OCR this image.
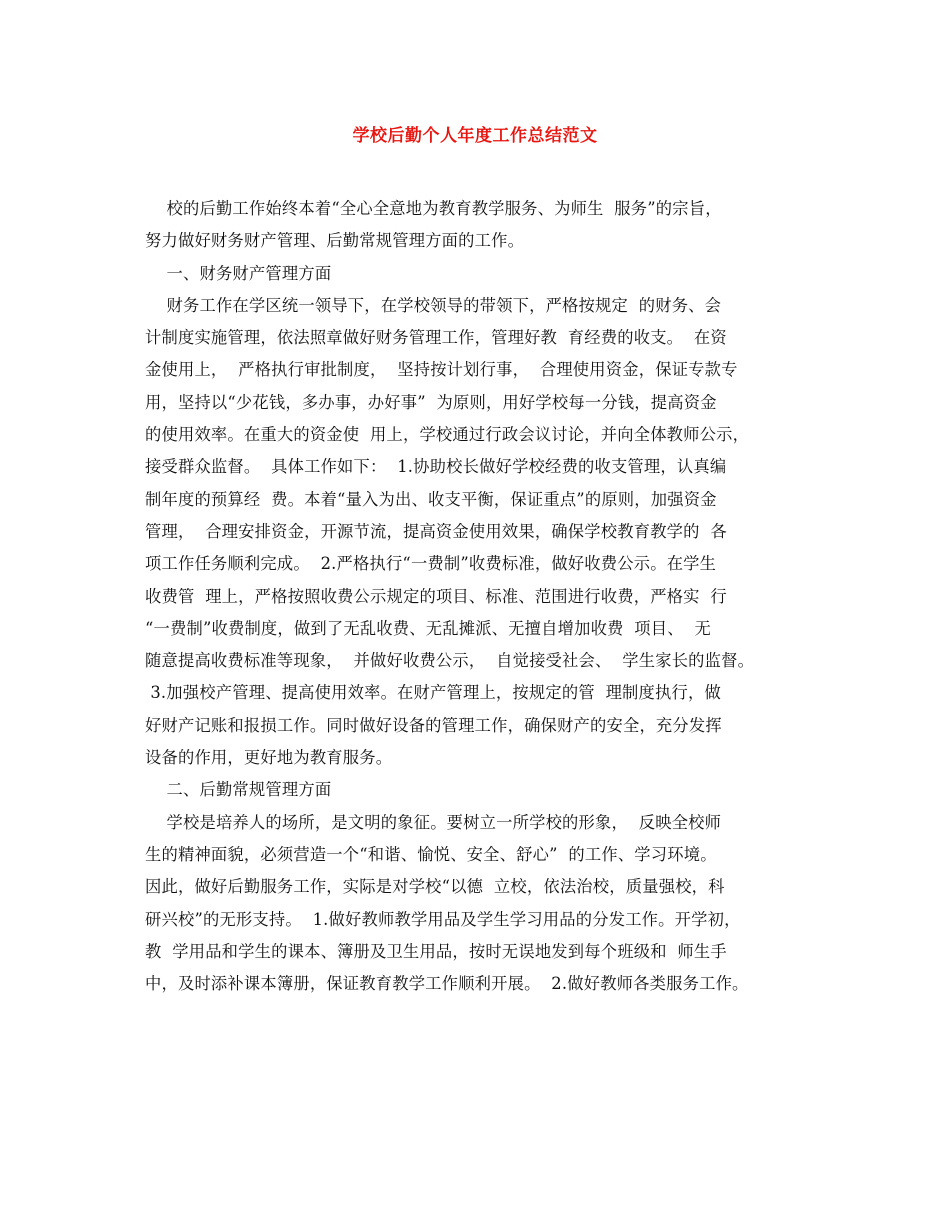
学校后勤个人年度工作总结范文
校的后勤工作始终本着“全心全意地为教育教学服务、为师生  服务”的宗旨，
努力做好财务财产管理、后勤常规管理方面的工作。
一、财务财产管理方面
财务工作在学区统一领导下，在学校领导的带领下，严格按规定  的财务、会
计制度实施管理，依法照章做好财务管理工作，管理好教  育经费的收支。  在资
金使用上，  严格执行审批制度，  坚持按计划行事，  合理使用资金，保证专款专
用，坚持以“少花钱，多办事，办好事”  为原则，用好学校每一分钱，提高资金
的使用效率。在重大的资金使  用上，学校通过行政会议讨论，并向全体教师公示，
接受群众监督。  具体工作如下：  1.协助校长做好学校经费的收支管理，认真编
制年度的预算经  费。本着“量入为出、收支平衡，保证重点”的原则，加强资金
管理，  合理安排资金，开源节流，提高资金使用效果，确保学校教育教学的  各
项工作任务顺利完成。  2.严格执行“一费制”收费标准，做好收费公示。在学生
收费管  理上，严格按照收费公示规定的项目、标准、范围进行收费，严格实  行
“一费制”收费制度，做到了无乱收费、无乱摊派、无擅自增加收费  项目、  无
随意提高收费标准等现象，  并做好收费公示，  自觉接受社会、  学生家长的监督。
3.加强校产管理、提高使用效率。在财产管理上，按规定的管  理制度执行，做
好财产记账和报损工作。同时做好设备的管理工作，确保财产的安全，充分发挥
设备的作用，更好地为教育服务。
二、后勤常规管理方面
学校是培养人的场所，是文明的象征。要树立一所学校的形象，  反映全校师
生的精神面貌，必须营造一个“和谐、愉悦、安全、舒心”  的工作、学习环境。
因此，做好后勤服务工作，实际是对学校“以德  立校，依法治校，质量强校，科
研兴校”的无形支持。  1.做好教师教学用品及学生学习用品的分发工作。开学初，
教  学用品和学生的课本、簿册及卫生用品，按时无误地发到每个班级和  师生手
中，及时添补课本簿册，保证教育教学工作顺利开展。  2.做好教师各类服务工作。
